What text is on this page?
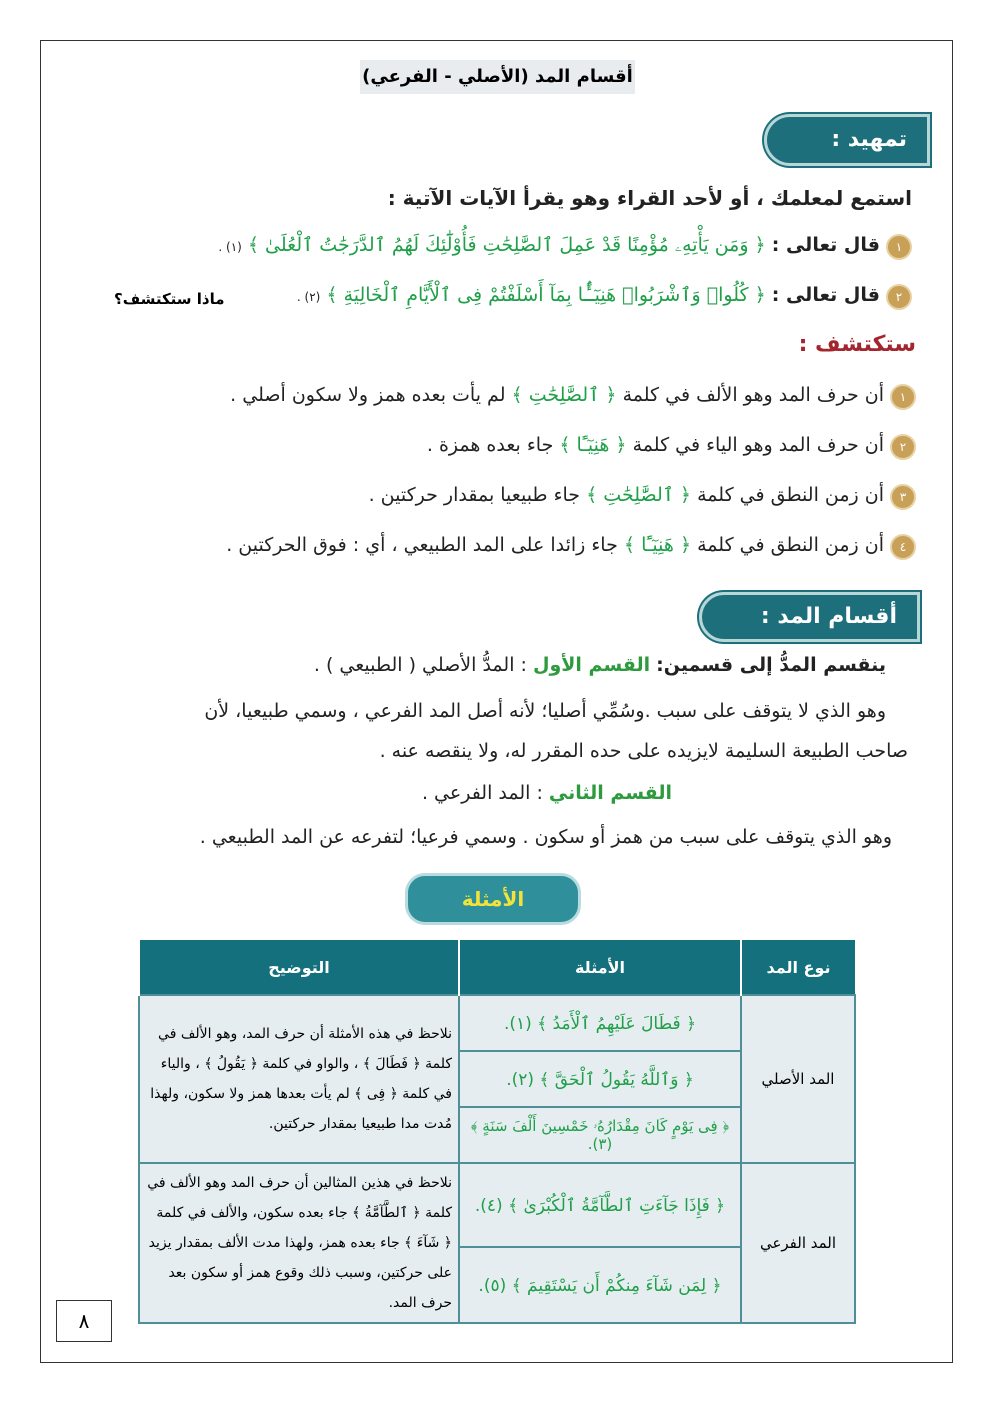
أقسام المد (الأصلي - الفرعي)
تمهيد :
استمع لمعلمك ، أو لأحد القراء وهو يقرأ الآيات الآتية :
١قال تعالى : ﴿ وَمَن يَأْتِهِۦ مُؤْمِنًا قَدْ عَمِلَ ٱلصَّٰلِحَٰتِ فَأُوْلَٰٓئِكَ لَهُمُ ٱلدَّرَجَٰتُ ٱلْعُلَىٰ ﴾ (١) .
٢قال تعالى : ﴿ كُلُوا۟ وَٱشْرَبُوا۟ هَنِيٓـًٔۢا بِمَآ أَسْلَفْتُمْ فِى ٱلْأَيَّامِ ٱلْخَالِيَةِ ﴾ (٢) .
ماذا ستكتشف؟
ستكتشف :
١أن حرف المد وهو الألف في كلمة ﴿ ٱلصَّٰلِحَٰتِ ﴾ لم يأت بعده همز ولا سكون أصلي .
٢أن حرف المد وهو الياء في كلمة ﴿ هَنِيٓـًٔا ﴾ جاء بعده همزة .
٣أن زمن النطق في كلمة ﴿ ٱلصَّٰلِحَٰتِ ﴾ جاء طبيعيا بمقدار حركتين .
٤أن زمن النطق في كلمة ﴿ هَنِيٓـًٔا ﴾ جاء زائدا على المد الطبيعي ، أي : فوق الحركتين .
أقسام المد :
ينقسم المدُّ إلى قسمين: القسم الأول : المدُّ الأصلي ( الطبيعي ) .
وهو الذي لا يتوقف على سبب .وسُمِّي أصليا؛ لأنه أصل المد الفرعي ، وسمي طبيعيا، لأن
صاحب الطبيعة السليمة لايزيده على حده المقرر له، ولا ينقصه عنه .
القسم الثاني : المد الفرعي .
وهو الذي يتوقف على سبب من همز أو سكون . وسمي فرعيا؛ لتفرعه عن المد الطبيعي .
الأمثلة
نوع المد	الأمثلة	التوضيح
المد الأصلي	﴿ فَطَالَ عَلَيْهِمُ ٱلْأَمَدُ ﴾ (١).	نلاحظ في هذه الأمثلة أن حرف المد، وهو الألف في كلمة ﴿ فَطَالَ ﴾ ، والواو في كلمة ﴿ يَقُولُ ﴾ ، والياء في كلمة ﴿ فِى ﴾ لم يأت بعدها همز ولا سكون، ولهذا مُدت مدا طبيعيا بمقدار حركتين.
	﴿ وَٱللَّهُ يَقُولُ ٱلْحَقَّ ﴾ (٢).	
	﴿ فِى يَوْمٍ كَانَ مِقْدَارُهُۥ خَمْسِينَ أَلْفَ سَنَةٍ ﴾ (٣).	
المد الفرعي	﴿ فَإِذَا جَآءَتِ ٱلطَّآمَّةُ ٱلْكُبْرَىٰ ﴾ (٤).	نلاحظ في هذين المثالين أن حرف المد وهو الألف في كلمة ﴿ ٱلطَّآمَّةُ ﴾ جاء بعده سكون، والألف في كلمة ﴿ شَآءَ ﴾ جاء بعده همز، ولهذا مدت الألف بمقدار يزيد على حركتين، وسبب ذلك وقوع همز أو سكون بعد حرف المد.
	﴿ لِمَن شَآءَ مِنكُمْ أَن يَسْتَقِيمَ ﴾ (٥).	
٨
